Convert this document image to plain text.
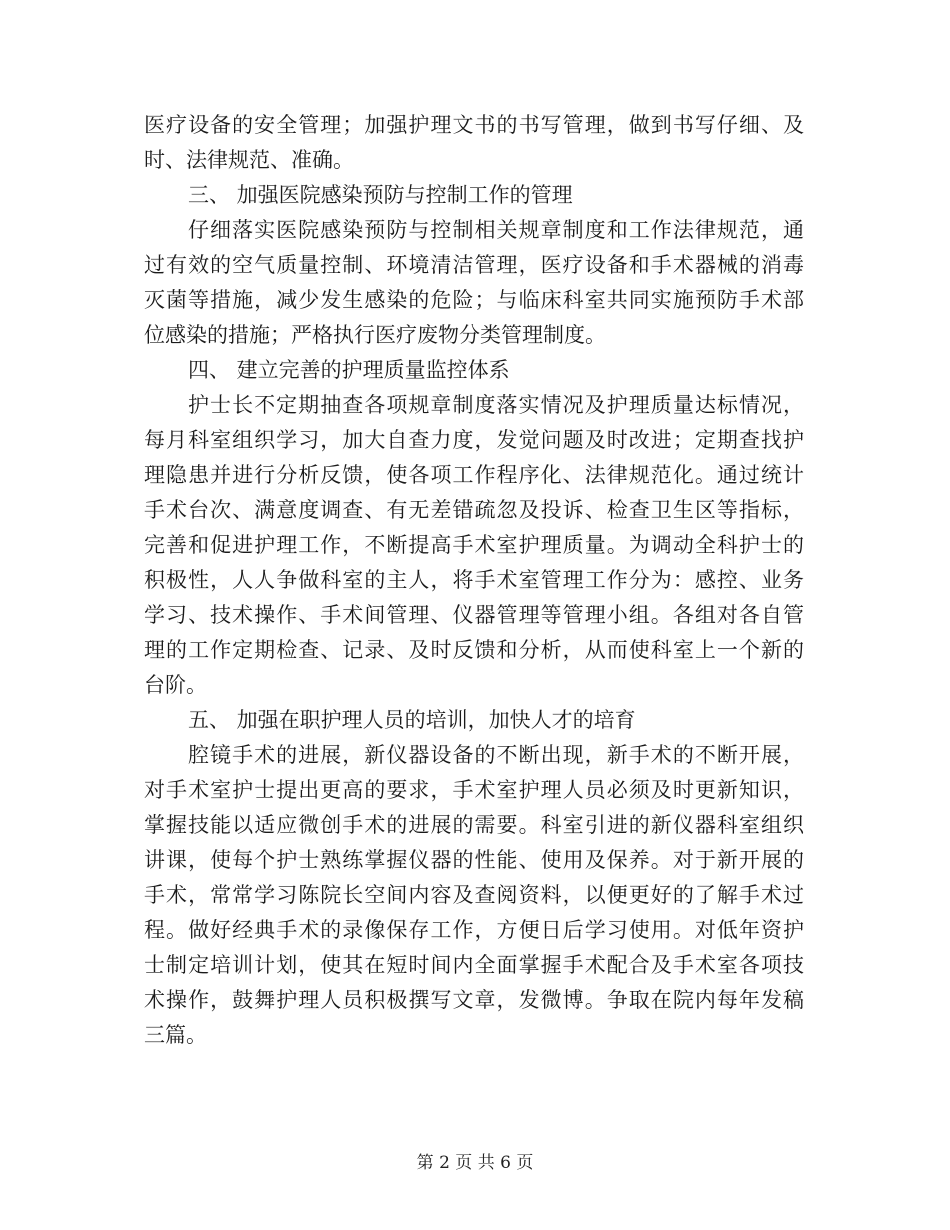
医疗设备的安全管理；加强护理文书的书写管理，做到书写仔细、及
时、法律规范、准确。
三、 加强医院感染预防与控制工作的管理
仔细落实医院感染预防与控制相关规章制度和工作法律规范，通
过有效的空气质量控制、环境清洁管理，医疗设备和手术器械的消毒
灭菌等措施，减少发生感染的危险；与临床科室共同实施预防手术部
位感染的措施；严格执行医疗废物分类管理制度。
四、 建立完善的护理质量监控体系
护士长不定期抽查各项规章制度落实情况及护理质量达标情况，
每月科室组织学习，加大自查力度，发觉问题及时改进；定期查找护
理隐患并进行分析反馈，使各项工作程序化、法律规范化。通过统计
手术台次、满意度调查、有无差错疏忽及投诉、检查卫生区等指标，
完善和促进护理工作，不断提高手术室护理质量。为调动全科护士的
积极性，人人争做科室的主人，将手术室管理工作分为：感控、业务
学习、技术操作、手术间管理、仪器管理等管理小组。各组对各自管
理的工作定期检查、记录、及时反馈和分析，从而使科室上一个新的
台阶。
五、 加强在职护理人员的培训，加快人才的培育
腔镜手术的进展，新仪器设备的不断出现，新手术的不断开展，
对手术室护士提出更高的要求，手术室护理人员必须及时更新知识，
掌握技能以适应微创手术的进展的需要。科室引进的新仪器科室组织
讲课，使每个护士熟练掌握仪器的性能、使用及保养。对于新开展的
手术，常常学习陈院长空间内容及查阅资料，以便更好的了解手术过
程。做好经典手术的录像保存工作，方便日后学习使用。对低年资护
士制定培训计划，使其在短时间内全面掌握手术配合及手术室各项技
术操作，鼓舞护理人员积极撰写文章，发微博。争取在院内每年发稿
三篇。
第 2 页 共 6 页
